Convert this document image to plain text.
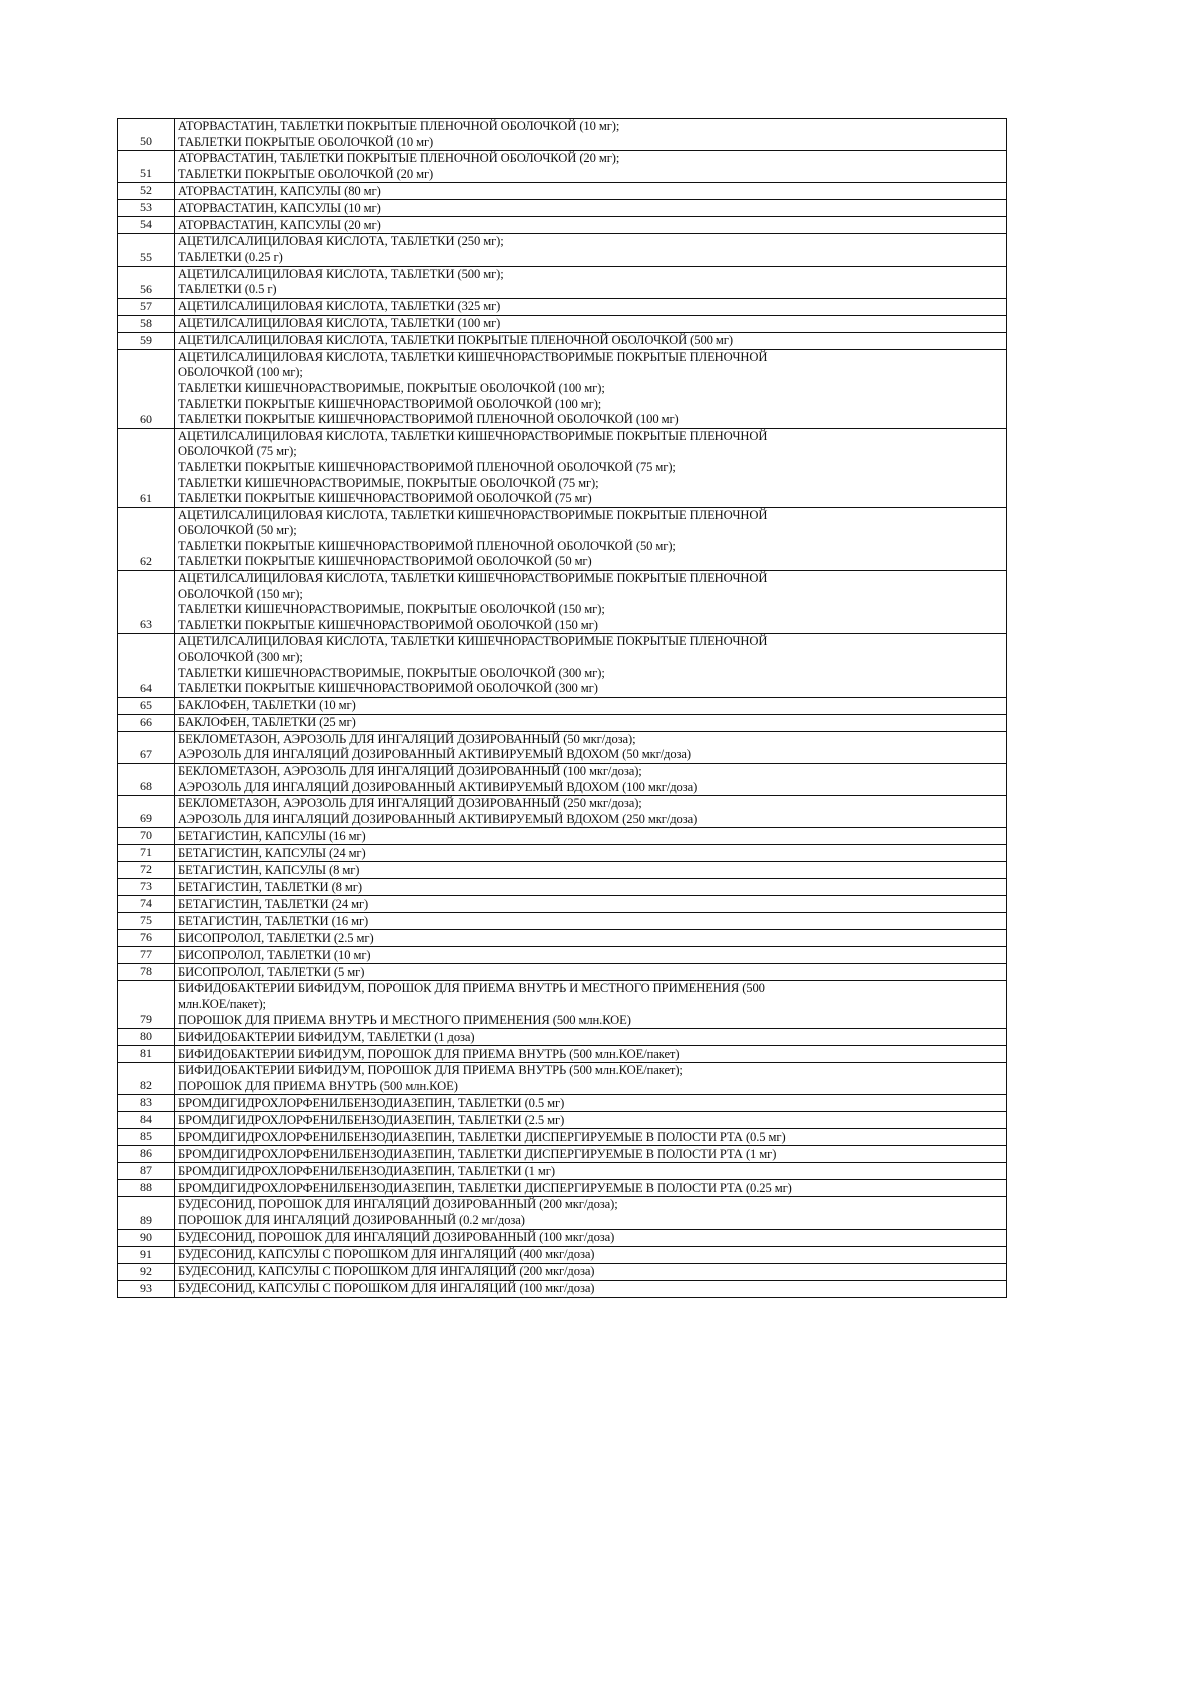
50	АТОРВАСТАТИН, ТАБЛЕТКИ ПОКРЫТЫЕ ПЛЕНОЧНОЙ ОБОЛОЧКОЙ (10 мг);
ТАБЛЕТКИ ПОКРЫТЫЕ ОБОЛОЧКОЙ (10 мг)

51	АТОРВАСТАТИН, ТАБЛЕТКИ ПОКРЫТЫЕ ПЛЕНОЧНОЙ ОБОЛОЧКОЙ (20 мг);
ТАБЛЕТКИ ПОКРЫТЫЕ ОБОЛОЧКОЙ (20 мг)

52	АТОРВАСТАТИН, КАПСУЛЫ (80 мг)

53	АТОРВАСТАТИН, КАПСУЛЫ (10 мг)

54	АТОРВАСТАТИН, КАПСУЛЫ (20 мг)

55	АЦЕТИЛСАЛИЦИЛОВАЯ КИСЛОТА, ТАБЛЕТКИ (250 мг);
ТАБЛЕТКИ (0.25 г)

56	АЦЕТИЛСАЛИЦИЛОВАЯ КИСЛОТА, ТАБЛЕТКИ (500 мг);
ТАБЛЕТКИ (0.5 г)

57	АЦЕТИЛСАЛИЦИЛОВАЯ КИСЛОТА, ТАБЛЕТКИ (325 мг)

58	АЦЕТИЛСАЛИЦИЛОВАЯ КИСЛОТА, ТАБЛЕТКИ (100 мг)

59	АЦЕТИЛСАЛИЦИЛОВАЯ КИСЛОТА, ТАБЛЕТКИ ПОКРЫТЫЕ ПЛЕНОЧНОЙ ОБОЛОЧКОЙ (500 мг)

60	АЦЕТИЛСАЛИЦИЛОВАЯ КИСЛОТА, ТАБЛЕТКИ КИШЕЧНОРАСТВОРИМЫЕ ПОКРЫТЫЕ ПЛЕНОЧНОЙ
ОБОЛОЧКОЙ (100 мг);
ТАБЛЕТКИ КИШЕЧНОРАСТВОРИМЫЕ, ПОКРЫТЫЕ ОБОЛОЧКОЙ (100 мг);
ТАБЛЕТКИ ПОКРЫТЫЕ КИШЕЧНОРАСТВОРИМОЙ ОБОЛОЧКОЙ (100 мг);
ТАБЛЕТКИ ПОКРЫТЫЕ КИШЕЧНОРАСТВОРИМОЙ ПЛЕНОЧНОЙ ОБОЛОЧКОЙ (100 мг)

61	АЦЕТИЛСАЛИЦИЛОВАЯ КИСЛОТА, ТАБЛЕТКИ КИШЕЧНОРАСТВОРИМЫЕ ПОКРЫТЫЕ ПЛЕНОЧНОЙ
ОБОЛОЧКОЙ (75 мг);
ТАБЛЕТКИ ПОКРЫТЫЕ КИШЕЧНОРАСТВОРИМОЙ ПЛЕНОЧНОЙ ОБОЛОЧКОЙ (75 мг);
ТАБЛЕТКИ КИШЕЧНОРАСТВОРИМЫЕ, ПОКРЫТЫЕ ОБОЛОЧКОЙ (75 мг);
ТАБЛЕТКИ ПОКРЫТЫЕ КИШЕЧНОРАСТВОРИМОЙ ОБОЛОЧКОЙ (75 мг)

62	АЦЕТИЛСАЛИЦИЛОВАЯ КИСЛОТА, ТАБЛЕТКИ КИШЕЧНОРАСТВОРИМЫЕ ПОКРЫТЫЕ ПЛЕНОЧНОЙ
ОБОЛОЧКОЙ (50 мг);
ТАБЛЕТКИ ПОКРЫТЫЕ КИШЕЧНОРАСТВОРИМОЙ ПЛЕНОЧНОЙ ОБОЛОЧКОЙ (50 мг);
ТАБЛЕТКИ ПОКРЫТЫЕ КИШЕЧНОРАСТВОРИМОЙ ОБОЛОЧКОЙ (50 мг)

63	АЦЕТИЛСАЛИЦИЛОВАЯ КИСЛОТА, ТАБЛЕТКИ КИШЕЧНОРАСТВОРИМЫЕ ПОКРЫТЫЕ ПЛЕНОЧНОЙ
ОБОЛОЧКОЙ (150 мг);
ТАБЛЕТКИ КИШЕЧНОРАСТВОРИМЫЕ, ПОКРЫТЫЕ ОБОЛОЧКОЙ (150 мг);
ТАБЛЕТКИ ПОКРЫТЫЕ КИШЕЧНОРАСТВОРИМОЙ ОБОЛОЧКОЙ (150 мг)

64	АЦЕТИЛСАЛИЦИЛОВАЯ КИСЛОТА, ТАБЛЕТКИ КИШЕЧНОРАСТВОРИМЫЕ ПОКРЫТЫЕ ПЛЕНОЧНОЙ
ОБОЛОЧКОЙ (300 мг);
ТАБЛЕТКИ КИШЕЧНОРАСТВОРИМЫЕ, ПОКРЫТЫЕ ОБОЛОЧКОЙ (300 мг);
ТАБЛЕТКИ ПОКРЫТЫЕ КИШЕЧНОРАСТВОРИМОЙ ОБОЛОЧКОЙ (300 мг)

65	БАКЛОФЕН, ТАБЛЕТКИ (10 мг)

66	БАКЛОФЕН, ТАБЛЕТКИ (25 мг)

67	БЕКЛОМЕТАЗОН, АЭРОЗОЛЬ ДЛЯ ИНГАЛЯЦИЙ ДОЗИРОВАННЫЙ (50 мкг/доза);
АЭРОЗОЛЬ ДЛЯ ИНГАЛЯЦИЙ ДОЗИРОВАННЫЙ АКТИВИРУЕМЫЙ ВДОХОМ (50 мкг/доза)

68	БЕКЛОМЕТАЗОН, АЭРОЗОЛЬ ДЛЯ ИНГАЛЯЦИЙ ДОЗИРОВАННЫЙ (100 мкг/доза);
АЭРОЗОЛЬ ДЛЯ ИНГАЛЯЦИЙ ДОЗИРОВАННЫЙ АКТИВИРУЕМЫЙ ВДОХОМ (100 мкг/доза)

69	БЕКЛОМЕТАЗОН, АЭРОЗОЛЬ ДЛЯ ИНГАЛЯЦИЙ ДОЗИРОВАННЫЙ (250 мкг/доза);
АЭРОЗОЛЬ ДЛЯ ИНГАЛЯЦИЙ ДОЗИРОВАННЫЙ АКТИВИРУЕМЫЙ ВДОХОМ (250 мкг/доза)

70	БЕТАГИСТИН, КАПСУЛЫ (16 мг)

71	БЕТАГИСТИН, КАПСУЛЫ (24 мг)

72	БЕТАГИСТИН, КАПСУЛЫ (8 мг)

73	БЕТАГИСТИН, ТАБЛЕТКИ (8 мг)

74	БЕТАГИСТИН, ТАБЛЕТКИ (24 мг)

75	БЕТАГИСТИН, ТАБЛЕТКИ (16 мг)

76	БИСОПРОЛОЛ, ТАБЛЕТКИ (2.5 мг)

77	БИСОПРОЛОЛ, ТАБЛЕТКИ (10 мг)

78	БИСОПРОЛОЛ, ТАБЛЕТКИ (5 мг)

79	БИФИДОБАКТЕРИИ БИФИДУМ, ПОРОШОК ДЛЯ ПРИЕМА ВНУТРЬ И МЕСТНОГО ПРИМЕНЕНИЯ (500
млн.КОЕ/пакет);
ПОРОШОК ДЛЯ ПРИЕМА ВНУТРЬ И МЕСТНОГО ПРИМЕНЕНИЯ (500 млн.КОЕ)

80	БИФИДОБАКТЕРИИ БИФИДУМ, ТАБЛЕТКИ (1 доза)

81	БИФИДОБАКТЕРИИ БИФИДУМ, ПОРОШОК ДЛЯ ПРИЕМА ВНУТРЬ (500 млн.КОЕ/пакет)

82	БИФИДОБАКТЕРИИ БИФИДУМ, ПОРОШОК ДЛЯ ПРИЕМА ВНУТРЬ (500 млн.КОЕ/пакет);
ПОРОШОК ДЛЯ ПРИЕМА ВНУТРЬ (500 млн.КОЕ)

83	БРОМДИГИДРОХЛОРФЕНИЛБЕНЗОДИАЗЕПИН, ТАБЛЕТКИ (0.5 мг)

84	БРОМДИГИДРОХЛОРФЕНИЛБЕНЗОДИАЗЕПИН, ТАБЛЕТКИ (2.5 мг)

85	БРОМДИГИДРОХЛОРФЕНИЛБЕНЗОДИАЗЕПИН, ТАБЛЕТКИ ДИСПЕРГИРУЕМЫЕ В ПОЛОСТИ РТА (0.5 мг)

86	БРОМДИГИДРОХЛОРФЕНИЛБЕНЗОДИАЗЕПИН, ТАБЛЕТКИ ДИСПЕРГИРУЕМЫЕ В ПОЛОСТИ РТА (1 мг)

87	БРОМДИГИДРОХЛОРФЕНИЛБЕНЗОДИАЗЕПИН, ТАБЛЕТКИ (1 мг)

88	БРОМДИГИДРОХЛОРФЕНИЛБЕНЗОДИАЗЕПИН, ТАБЛЕТКИ ДИСПЕРГИРУЕМЫЕ В ПОЛОСТИ РТА (0.25 мг)

89	БУДЕСОНИД, ПОРОШОК ДЛЯ ИНГАЛЯЦИЙ ДОЗИРОВАННЫЙ (200 мкг/доза);
ПОРОШОК ДЛЯ ИНГАЛЯЦИЙ ДОЗИРОВАННЫЙ (0.2 мг/доза)

90	БУДЕСОНИД, ПОРОШОК ДЛЯ ИНГАЛЯЦИЙ ДОЗИРОВАННЫЙ (100 мкг/доза)

91	БУДЕСОНИД, КАПСУЛЫ С ПОРОШКОМ ДЛЯ ИНГАЛЯЦИЙ (400 мкг/доза)

92	БУДЕСОНИД, КАПСУЛЫ С ПОРОШКОМ ДЛЯ ИНГАЛЯЦИЙ (200 мкг/доза)

93	БУДЕСОНИД, КАПСУЛЫ С ПОРОШКОМ ДЛЯ ИНГАЛЯЦИЙ (100 мкг/доза)
